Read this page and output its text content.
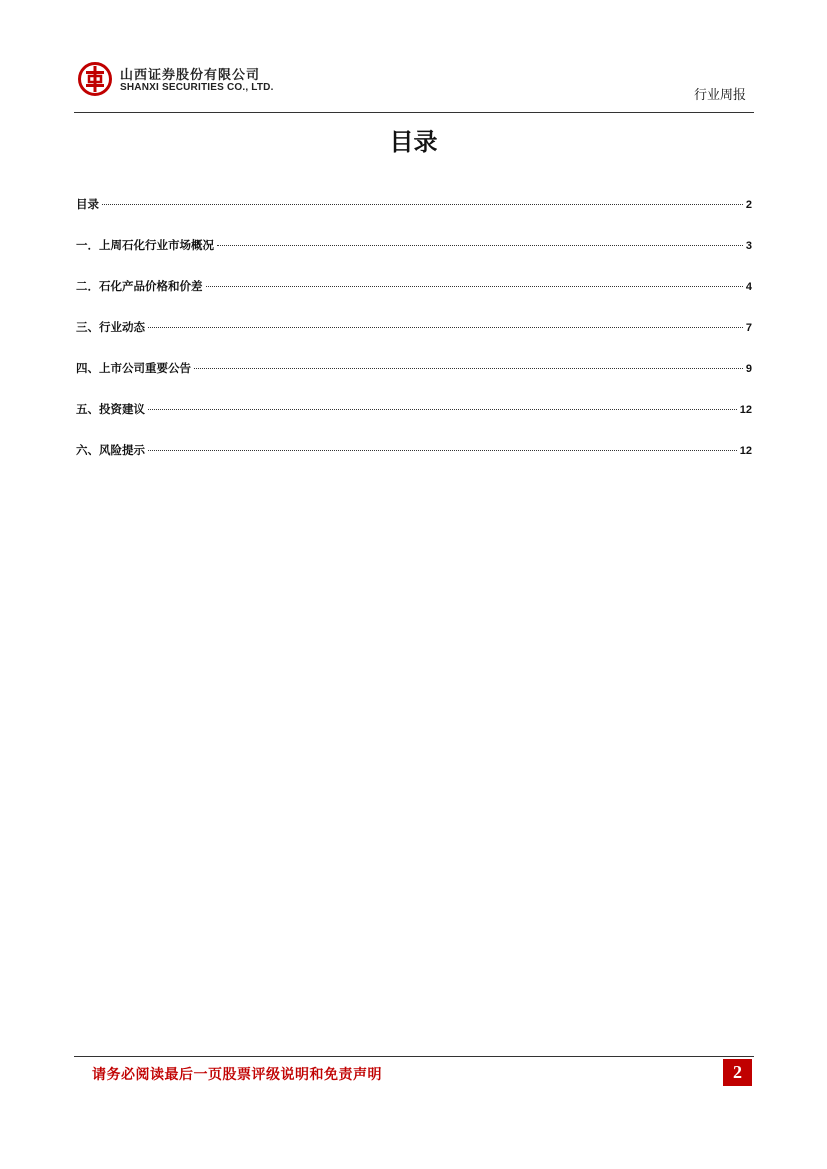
山西证券股份有限公司
SHANXI SECURITIES CO., LTD.
行业周报
目录
目录	2
一．上周石化行业市场概况	3
二．石化产品价格和价差	4
三、行业动态	7
四、上市公司重要公告	9
五、投资建议	12
六、风险提示	12
请务必阅读最后一页股票评级说明和免责声明	2
